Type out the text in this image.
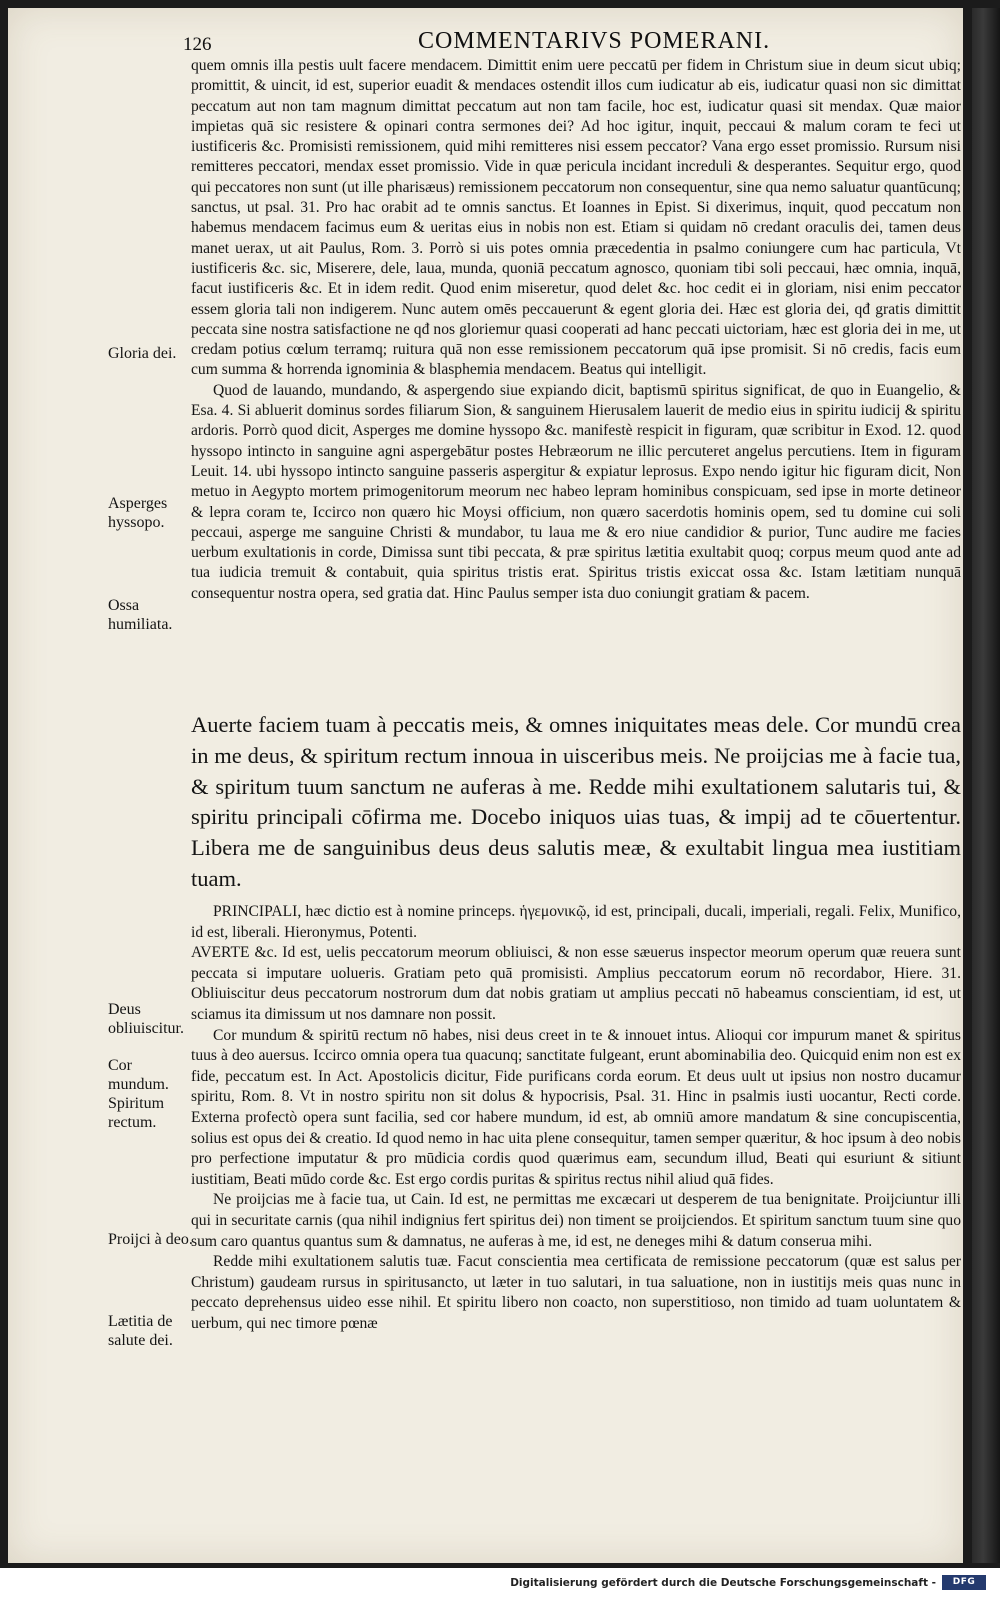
126	COMMENTARIVS POMERANI.

quem omnis illa pestis uult facere mendacem. Dimittit enim uere peccatū per fidem in Christum siue in deum sicut ubiq; promittit, & uincit, id est, superior euadit & mendaces ostendit illos cum iudicatur ab eis, iudicatur quasi non sic dimittat peccatum aut non tam magnum dimittat peccatum aut non tam facile, hoc est, iudicatur quasi sit mendax. Quæ maior impietas quā sic resistere & opinari contra sermones dei? Ad hoc igitur, inquit, peccaui & malum coram te feci ut iustificeris &c. Promisisti remissionem, quid mihi remitteres nisi essem peccator? Vana ergo esset promissio. Rursum nisi remitteres peccatori, mendax esset promissio. Vide in quæ pericula incidant increduli & desperantes. Sequitur ergo, quod qui peccatores non sunt (ut ille pharisæus) remissionem peccatorum non consequentur, sine qua nemo saluatur quantūcunq; sanctus, ut psal. 31. Pro hac orabit ad te omnis sanctus. Et Ioannes in Epist. Si dixerimus, inquit, quod peccatum non habemus mendacem facimus eum & ueritas eius in nobis non est. Etiam si quidam nō credant oraculis dei, tamen deus manet uerax, ut ait Paulus, Rom. 3. Porrò si uis potes omnia præcedentia in psalmo coniungere cum hac particula, Vt iustificeris &c. sic, Miserere, dele, laua, munda, quoniā peccatum agnosco, quoniam tibi soli peccaui, hæc omnia, inquā, facut iustificeris &c. Et in idem redit. Quod enim miseretur, quod delet &c. hoc cedit ei in gloriam, nisi enim peccator essem gloria tali non indigerem. Nunc autem omēs peccauerunt & egent gloria dei. Hæc est gloria dei, qđ gratis dimittit peccata sine nostra satisfactione ne qđ nos gloriemur quasi cooperati ad hanc peccati uictoriam, hæc est gloria dei in me, ut credam potius cœlum terramq; ruitura quā non esse remissionem peccatorum quā ipse promisit. Si nō credis, facis eum cum summa & horrenda ignominia & blasphemia mendacem. Beatus qui intelligit.

Quod de lauando, mundando, & aspergendo siue expiando dicit, baptismū spiritus significat, de quo in Euangelio, & Esa. 4. Si abluerit dominus sordes filiarum Sion, & sanguinem Hierusalem lauerit de medio eius in spiritu iudicij & spiritu ardoris. Porrò quod dicit, Asperges me domine hyssopo &c. manifestè respicit in figuram, quæ scribitur in Exod. 12. quod hyssopo intincto in sanguine agni aspergebātur postes Hebræorum ne illic percuteret angelus percutiens. Item in figuram Leuit. 14. ubi hyssopo intincto sanguine passeris aspergitur & expiatur leprosus. Expo nendo igitur hic figuram dicit, Non metuo in Aegypto mortem primogenitorum meorum nec habeo lepram hominibus conspicuam, sed ipse in morte detineor & lepra coram te, Iccirco non quæro hic Moysi officium, non quæro sacerdotis hominis opem, sed tu domine cui soli peccaui, asperge me sanguine Christi & mundabor, tu laua me & ero niue candidior & purior, Tunc audire me facies uerbum exultationis in corde, Dimissa sunt tibi peccata, & præ spiritus lætitia exultabit quoq; corpus meum quod ante ad tua iudicia tremuit & contabuit, quia spiritus tristis erat. Spiritus tristis exiccat ossa &c. Istam lætitiam nunquā consequentur nostra opera, sed gratia dat. Hinc Paulus semper ista duo coniungit gratiam & pacem.

Auerte faciem tuam à peccatis meis, & omnes iniquitates meas dele. Cor mundū crea in me deus, & spiritum rectum innoua in uisceribus meis. Ne proijcias me à facie tua, & spiritum tuum sanctum ne auferas à me. Redde mihi exultationem salutaris tui, & spiritu principali cōfirma me. Docebo iniquos uias tuas, & impij ad te cōuertentur. Libera me de sanguinibus deus deus salutis meæ, & exultabit lingua mea iustitiam tuam.

PRINCIPALI, hæc dictio est à nomine princeps. ἡγεμονικῷ, id est, principali, ducali, imperiali, regali. Felix, Munifico, id est, liberali. Hieronymus, Potenti.

AVERTE &c. Id est, uelis peccatorum meorum obliuisci, & non esse sæuerus inspector meorum operum quæ reuera sunt peccata si imputare uolueris. Gratiam peto quā promisisti. Amplius peccatorum eorum nō recordabor, Hiere. 31. Obliuiscitur deus peccatorum nostrorum dum dat nobis gratiam ut amplius peccati nō habeamus conscientiam, id est, ut sciamus ita dimissum ut nos damnare non possit.

Cor mundum & spiritū rectum nō habes, nisi deus creet in te & innouet intus. Alioqui cor impurum manet & spiritus tuus à deo auersus. Iccirco omnia opera tua quacunq; sanctitate fulgeant, erunt abominabilia deo. Quicquid enim non est ex fide, peccatum est. In Act. Apostolicis dicitur, Fide purificans corda eorum. Et deus uult ut ipsius non nostro ducamur spiritu, Rom. 8. Vt in nostro spiritu non sit dolus & hypocrisis, Psal. 31. Hinc in psalmis iusti uocantur, Recti corde. Externa profectò opera sunt facilia, sed cor habere mundum, id est, ab omniū amore mandatum & sine concupiscentia, solius est opus dei & creatio. Id quod nemo in hac uita plene consequitur, tamen semper quæritur, & hoc ipsum à deo nobis pro perfectione imputatur & pro mūdicia cordis quod quærimus eam, secundum illud, Beati qui esuriunt & sitiunt iustitiam, Beati mūdo corde &c. Est ergo cordis puritas & spiritus rectus nihil aliud quā fides.

Ne proijcias me à facie tua, ut Cain. Id est, ne permittas me excæcari ut desperem de tua benignitate. Proijciuntur illi qui in securitate carnis (qua nihil indignius fert spiritus dei) non timent se proijciendos. Et spiritum sanctum tuum sine quo sum caro quantus quantus sum & damnatus, ne auferas à me, id est, ne deneges mihi & datum conserua mihi.

Redde mihi exultationem salutis tuæ. Facut conscientia mea certificata de remissione peccatorum (quæ est salus per Christum) gaudeam rursus in spiritusancto, ut læter in tuo salutari, in tua saluatione, non in iustitijs meis quas nunc in peccato deprehensus uideo esse nihil. Et spiritu libero non coacto, non superstitioso, non timido ad tuam uoluntatem & uerbum, qui nec timore pœnæ

Gloria dei.
Asperges hyssopo.
Ossa humiliata.
Deus obliuiscitur.
Cor mundum. Spiritum rectum.
Proijci à deo.
Lætitia de salute dei.
Digitalisierung gefördert durch die Deutsche Forschungsgemeinschaft -	DFG
